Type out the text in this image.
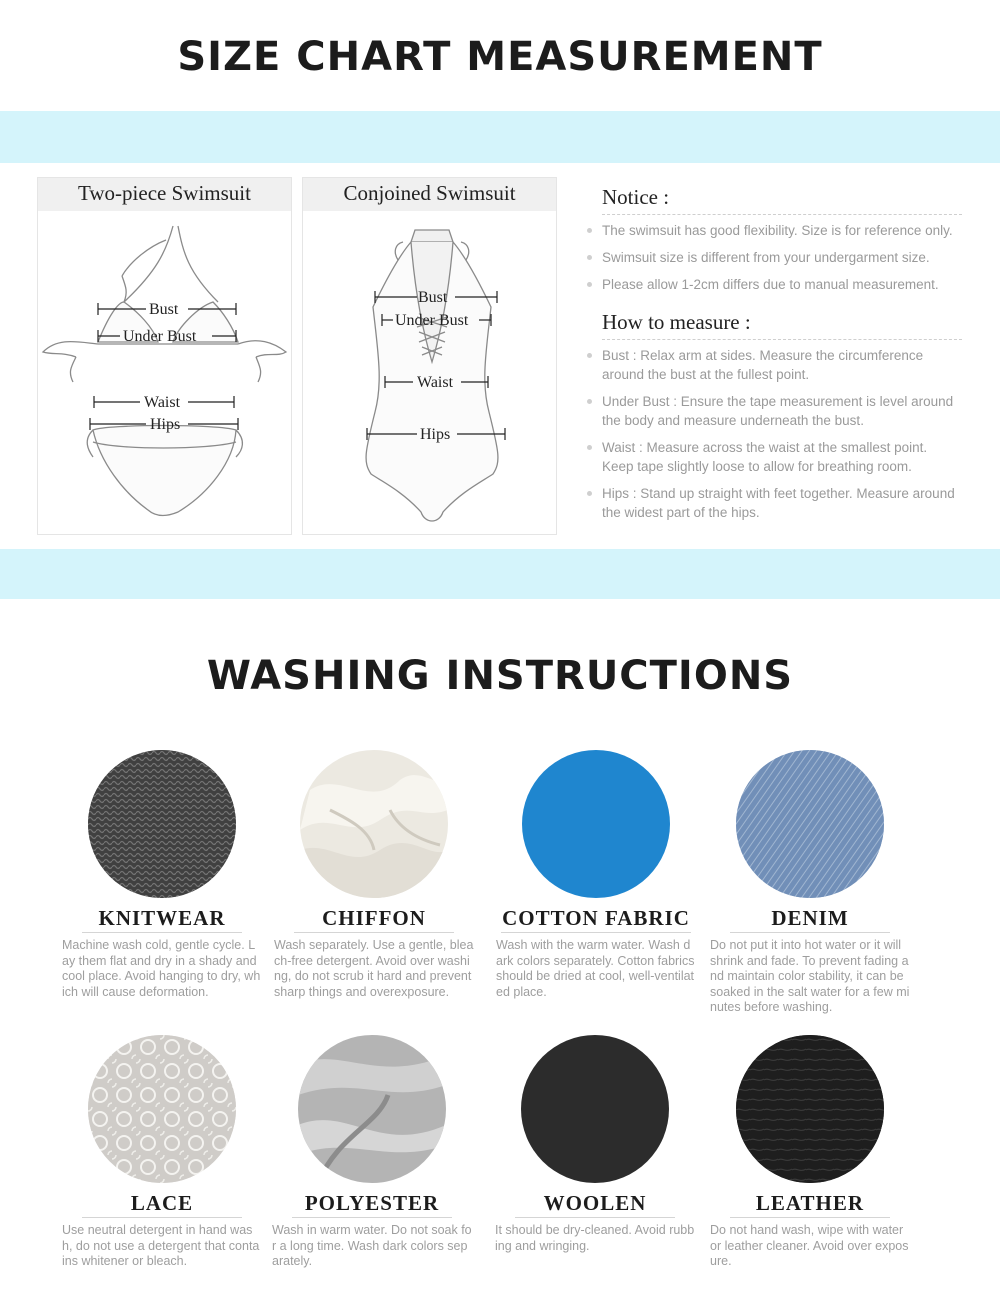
SIZE CHART MEASUREMENT
Two-piece Swimsuit
Bust
Under Bust
Waist
Hips
Conjoined Swimsuit
Bust
Under Bust
Waist
Hips
Notice :
The swimsuit has good flexibility. Size is for reference only.
Swimsuit size is different from your undergarment size.
Please allow 1-2cm differs due to manual measurement.
How to measure :
Bust : Relax arm at sides. Measure the circumference around the bust at the fullest point.
Under Bust : Ensure the tape measurement is level around the body and measure underneath the bust.
Waist : Measure across the waist at the smallest point. Keep tape slightly loose to allow for breathing room.
Hips : Stand up straight with feet together. Measure around the widest part of the hips.
WASHING INSTRUCTIONS
KNITWEAR
Machine wash cold, gentle cycle. Lay them flat and dry in a shady and cool place. Avoid hanging to dry, which will cause deformation.
CHIFFON
Wash separately. Use a gentle, bleach-free detergent. Avoid over washing, do not scrub it hard and prevent sharp things and overexposure.
COTTON FABRIC
Wash with the warm water. Wash dark colors separately. Cotton fabrics should be dried at cool, well-ventilated place.
DENIM
Do not put it into hot water or it will shrink and fade. To prevent fading and maintain color stability, it can be soaked in the salt water for a few minutes before washing.
LACE
Use neutral detergent in hand wash, do not use a detergent that contains whitener or bleach.
POLYESTER
Wash in warm water. Do not soak for a long time. Wash dark colors separately.
WOOLEN
It should be dry-cleaned. Avoid rubbing and wringing.
LEATHER
Do not hand wash, wipe with water or leather cleaner. Avoid over exposure.
